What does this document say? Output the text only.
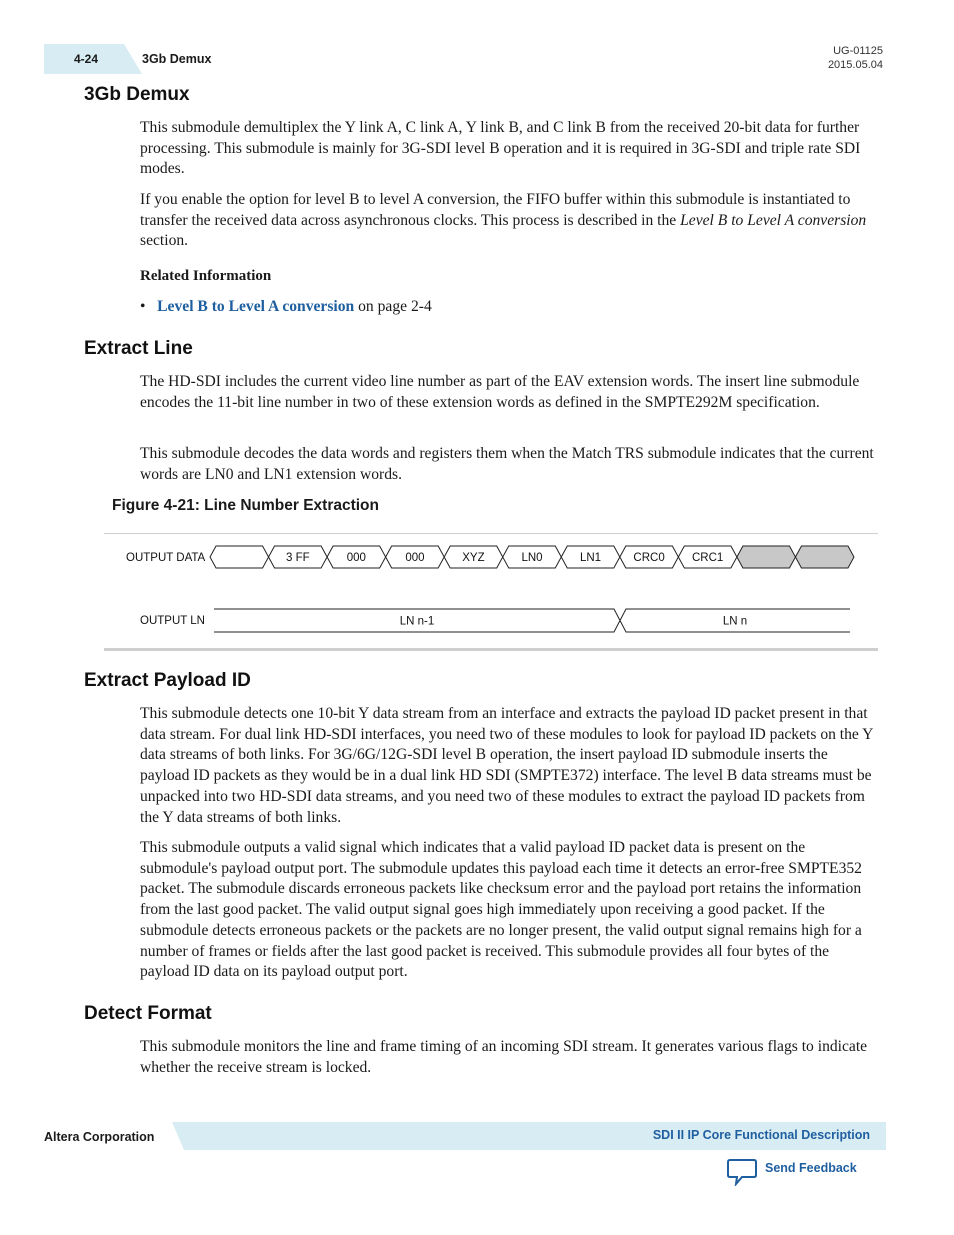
4-24	3Gb Demux
UG-01125
2015.05.04
3Gb Demux

This submodule demultiplex the Y link A, C link A, Y link B, and C link B from the received 20-bit data for further processing. This submodule is mainly for 3G-SDI level B operation and it is required in 3G-SDI and triple rate SDI modes.

If you enable the option for level B to level A conversion, the FIFO buffer within this submodule is instantiated to transfer the received data across asynchronous clocks. This process is described in the Level B to Level A conversion section.

Related Information
•   Level B to Level A conversion on page 2-4
Extract Line

The HD-SDI includes the current video line number as part of the EAV extension words. The insert line submodule encodes the 11-bit line number in two of these extension words as defined in the SMPTE292M specification.

This submodule decodes the data words and registers them when the Match TRS submodule indicates that the current words are LN0 and LN1 extension words.

Figure 4-21: Line Number Extraction
OUTPUT DATA
OUTPUT LN
3 FF	000	000	XYZ	LN0	LN1	CRC0 CRC1
LN n-1	LN n
Extract Payload ID

This submodule detects one 10-bit Y data stream from an interface and extracts the payload ID packet present in that data stream. For dual link HD-SDI interfaces, you need two of these modules to look for payload ID packets on the Y data streams of both links. For 3G/6G/12G-SDI level B operation, the insert payload ID submodule inserts the payload ID packets as they would be in a dual link HD SDI (SMPTE372) interface. The level B data streams must be unpacked into two HD-SDI data streams, and you need two of these modules to extract the payload ID packets from the Y data streams of both links.

This submodule outputs a valid signal which indicates that a valid payload ID packet data is present on the submodule's payload output port. The submodule updates this payload each time it detects an error-free SMPTE352 packet. The submodule discards erroneous packets like checksum error and the payload port retains the information from the last good packet. The valid output signal goes high immediately upon receiving a good packet. If the submodule detects erroneous packets or the packets are no longer present, the valid output signal remains high for a number of frames or fields after the last good packet is received. This submodule provides all four bytes of the payload ID data on its payload output port.

Detect Format

This submodule monitors the line and frame timing of an incoming SDI stream. It generates various flags to indicate whether the receive stream is locked.

Altera Corporation	SDI II IP Core Functional Description
Send Feedback
